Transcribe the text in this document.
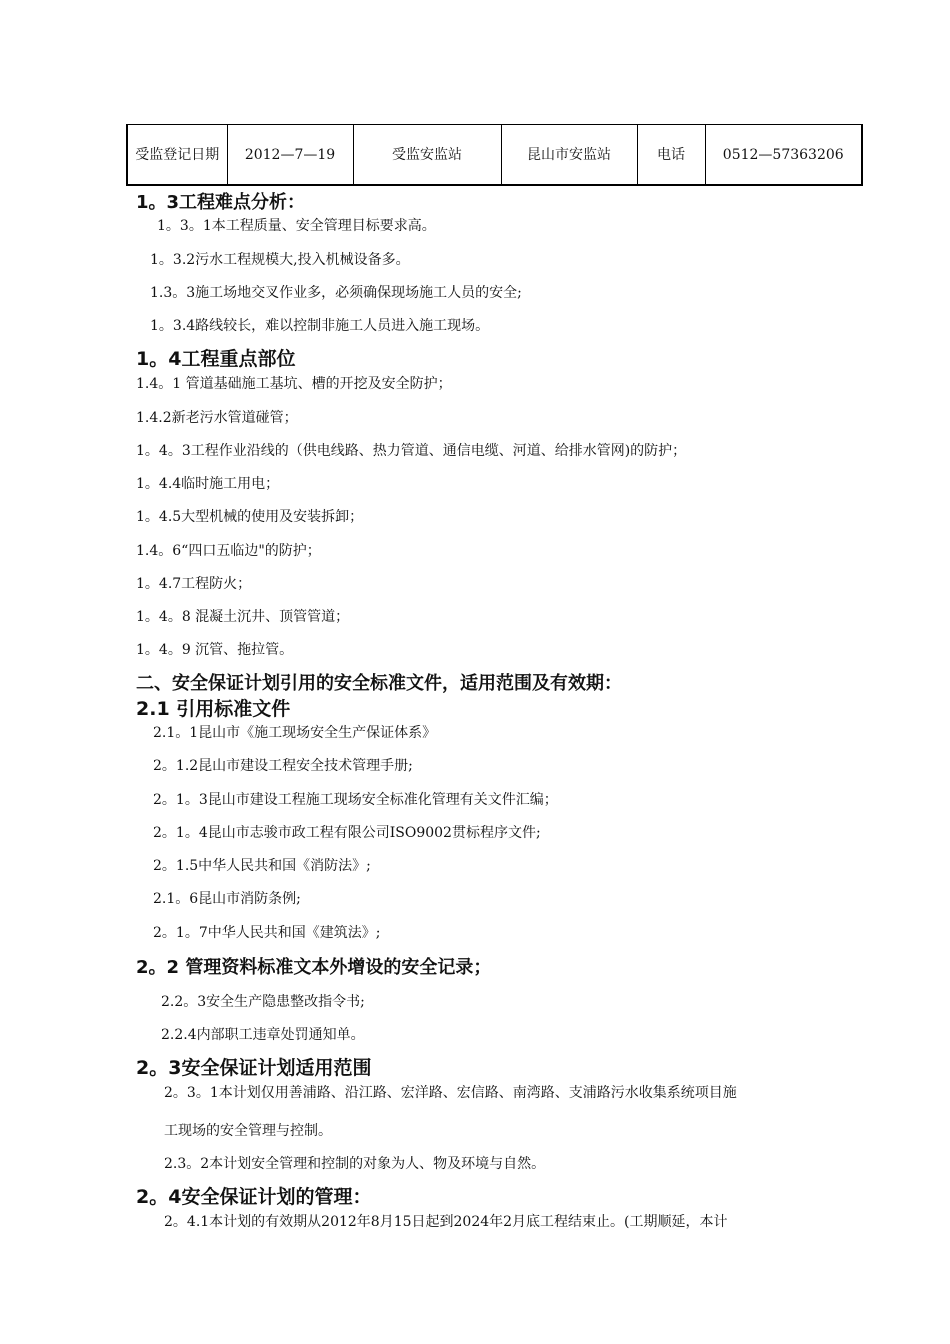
受监登记日期	2012—7—19	受监安监站	昆山市安监站	电话	0512—57363206
1。3工程难点分析：
1。3。1本工程质量、安全管理目标要求高。
1。3.2污水工程规模大,投入机械设备多。
1.3。3施工场地交叉作业多，必须确保现场施工人员的安全;
1。3.4路线较长，难以控制非施工人员进入施工现场。
1。4工程重点部位
1.4。1 管道基础施工基坑、槽的开挖及安全防护；
1.4.2新老污水管道碰管；
1。4。3工程作业沿线的（供电线路、热力管道、通信电缆、河道、给排水管网)的防护；
1。4.4临时施工用电；
1。4.5大型机械的使用及安装拆卸；
1.4。6“四口五临边"的防护；
1。4.7工程防火；
1。4。8 混凝土沉井、顶管管道；
1。4。9 沉管、拖拉管。
二、安全保证计划引用的安全标准文件，适用范围及有效期：
2.1 引用标准文件
2.1。1昆山市《施工现场安全生产保证体系》
2。1.2昆山市建设工程安全技术管理手册;
2。1。3昆山市建设工程施工现场安全标准化管理有关文件汇编；
2。1。4昆山市志骏市政工程有限公司ISO9002贯标程序文件;
2。1.5中华人民共和国《消防法》;
2.1。6昆山市消防条例;
2。1。7中华人民共和国《建筑法》;
2。2 管理资料标准文本外增设的安全记录；
2.2。3安全生产隐患整改指令书;
2.2.4内部职工违章处罚通知单。
2。3安全保证计划适用范围
2。3。1本计划仅用善浦路、沿江路、宏洋路、宏信路、南湾路、支浦路污水收集系统项目施
工现场的安全管理与控制。
2.3。2本计划安全管理和控制的对象为人、物及环境与自然。
2。4安全保证计划的管理：
2。4.1本计划的有效期从2012年8月15日起到2024年2月底工程结束止。(工期顺延，本计
